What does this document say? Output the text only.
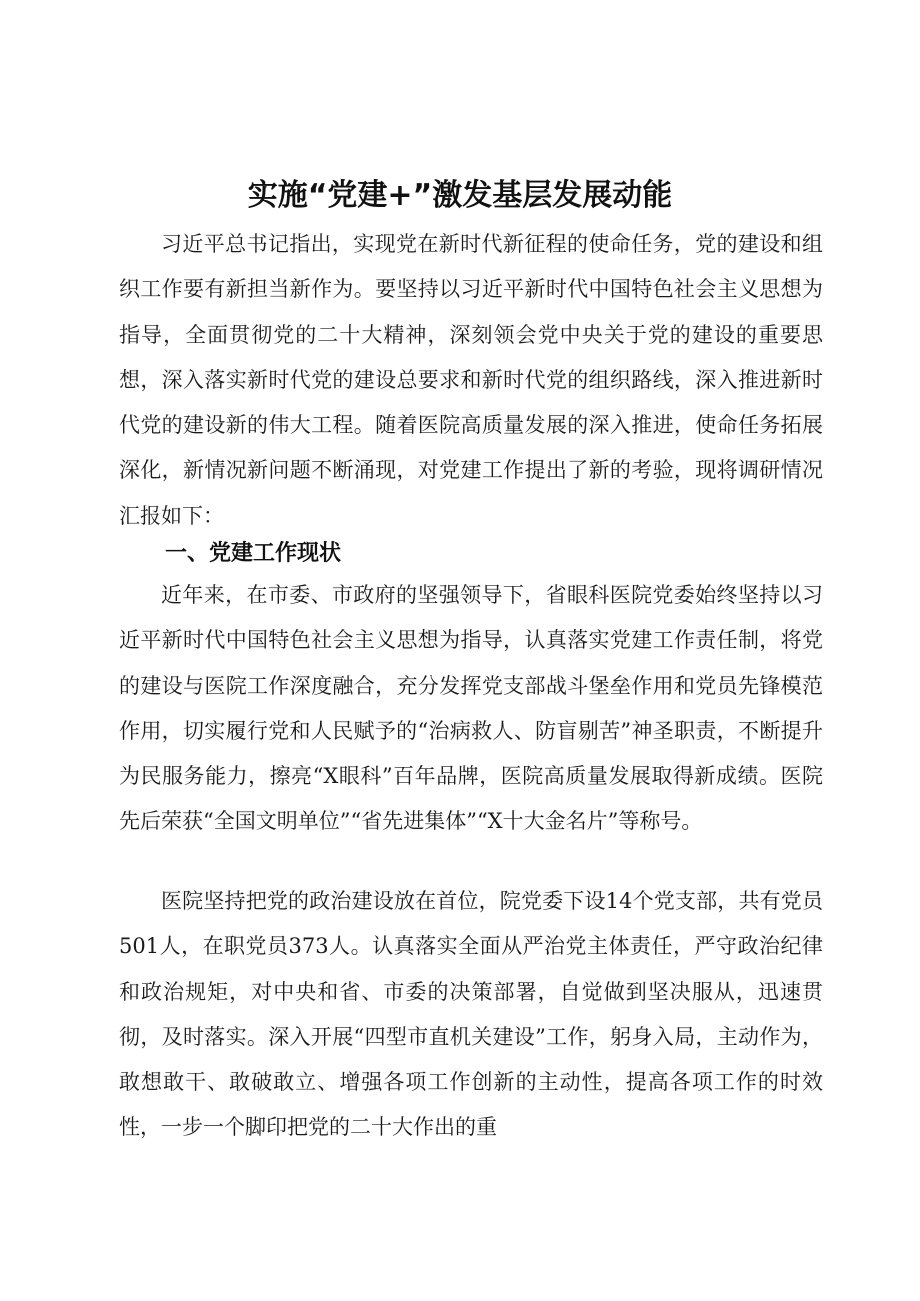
实施“党建+”激发基层发展动能

习近平总书记指出，实现党在新时代新征程的使命任务，党的建设和组织工作要有新担当新作为。要坚持以习近平新时代中国特色社会主义思想为指导，全面贯彻党的二十大精神，深刻领会党中央关于党的建设的重要思想，深入落实新时代党的建设总要求和新时代党的组织路线，深入推进新时代党的建设新的伟大工程。随着医院高质量发展的深入推进，使命任务拓展深化，新情况新问题不断涌现，对党建工作提出了新的考验，现将调研情况汇报如下：

一、党建工作现状

近年来，在市委、市政府的坚强领导下，省眼科医院党委始终坚持以习近平新时代中国特色社会主义思想为指导，认真落实党建工作责任制，将党的建设与医院工作深度融合，充分发挥党支部战斗堡垒作用和党员先锋模范作用，切实履行党和人民赋予的“治病救人、防盲剔苦”神圣职责，不断提升为民服务能力，擦亮“X眼科”百年品牌，医院高质量发展取得新成绩。医院先后荣获“全国文明单位”“省先进集体”“X十大金名片”等称号。

医院坚持把党的政治建设放在首位，院党委下设14个党支部，共有党员501人，在职党员373人。认真落实全面从严治党主体责任，严守政治纪律和政治规矩，对中央和省、市委的决策部署，自觉做到坚决服从，迅速贯彻，及时落实。深入开展“四型市直机关建设”工作，躬身入局，主动作为，敢想敢干、敢破敢立、增强各项工作创新的主动性，提高各项工作的时效性，一步一个脚印把党的二十大作出的重
